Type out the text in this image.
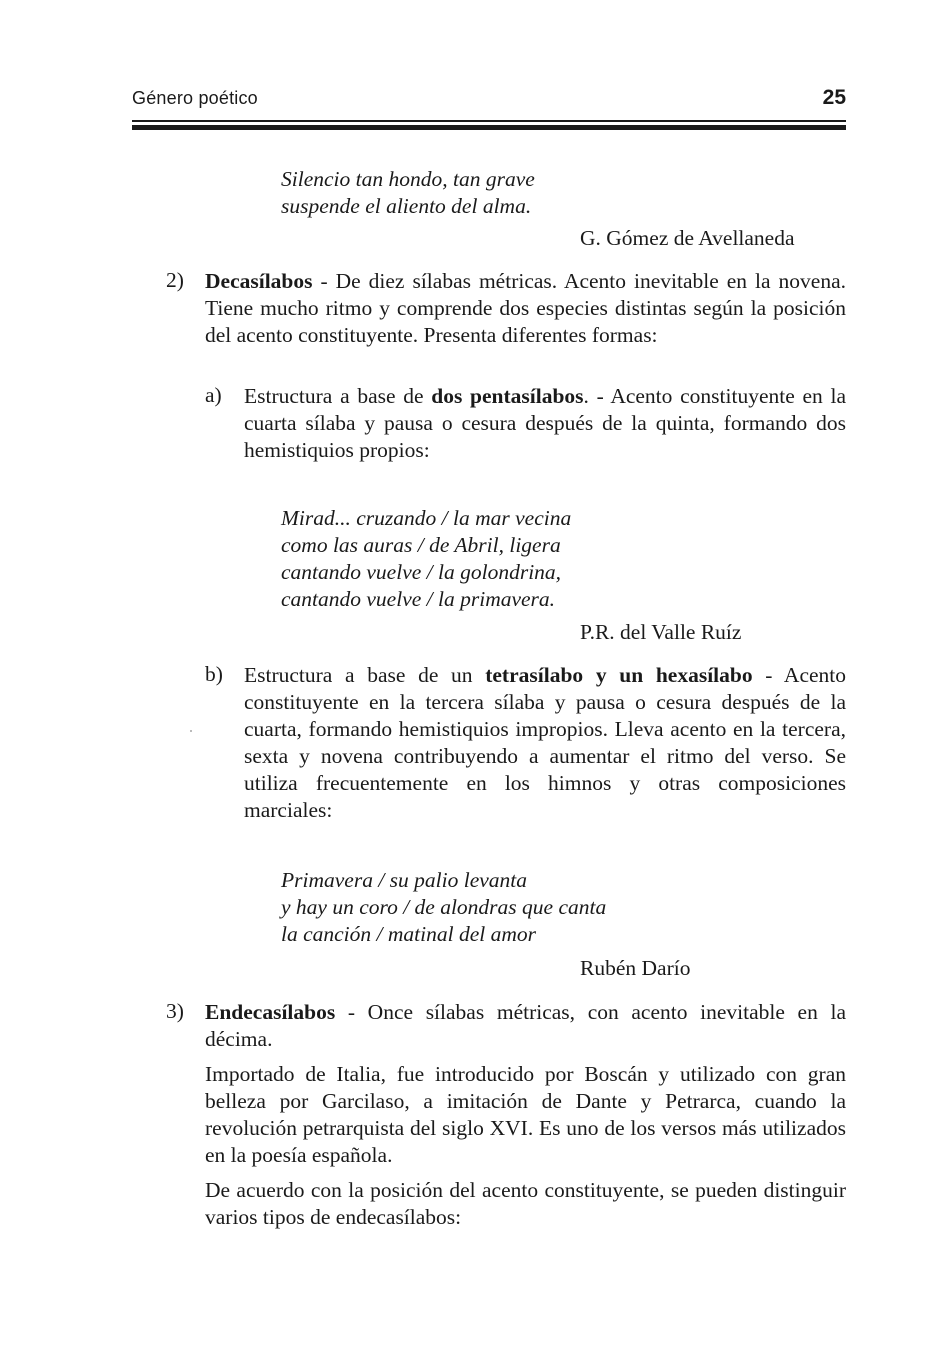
Género poético	25
Silencio tan hondo, tan grave
suspende el aliento del alma.
G. Gómez de Avellaneda
2) Decasílabos - De diez sílabas métricas. Acento inevitable en la novena. Tiene mucho ritmo y comprende dos especies distintas según la posición del acento constituyente. Presenta diferentes formas:

a) Estructura a base de dos pentasílabos. - Acento constituyente en la cuarta sílaba y pausa o cesura después de la quinta, formando dos hemistiquios propios:

Mirad... cruzando / la mar vecina
como las auras / de Abril, ligera
cantando vuelve / la golondrina,
cantando vuelve / la primavera.
P.R. del Valle Ruíz
b) Estructura a base de un tetrasílabo y un hexasílabo - Acento constituyente en la tercera sílaba y pausa o cesura después de la cuarta, formando hemistiquios impropios. Lleva acento en la tercera, sexta y novena contribuyendo a aumentar el ritmo del verso. Se utiliza frecuentemente en los himnos y otras composiciones marciales:

Primavera / su palio levanta
y hay un coro / de alondras que canta
la canción / matinal del amor
Rubén Darío
3) Endecasílabos - Once sílabas métricas, con acento inevitable en la décima.

Importado de Italia, fue introducido por Boscán y utilizado con gran belleza por Garcilaso, a imitación de Dante y Petrarca, cuando la revolución petrarquista del siglo XVI. Es uno de los versos más utilizados en la poesía española.

De acuerdo con la posición del acento constituyente, se pueden distinguir varios tipos de endecasílabos:
